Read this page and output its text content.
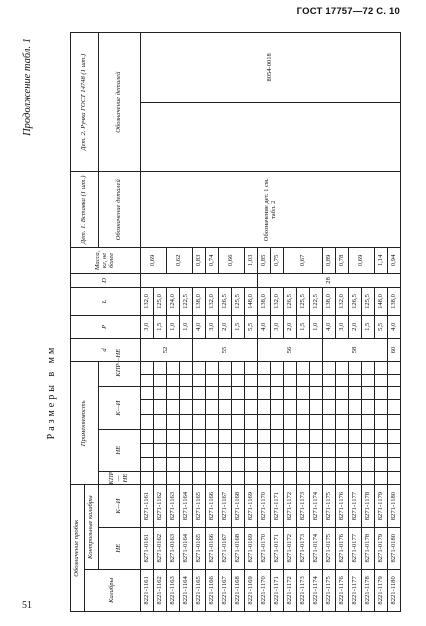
ГОСТ 17757—72 С. 10
Продолжение табл. 1
Размеры в мм
Обозначение пробок			Применяемость									d	P	L	D	Масса, кг, не более	Дет. 1. Вставка (1 шт.)	Дет. 2. Ручка ГОСТ 14748 (1 шт.)	
Калибры	Контрольные калибры																		
	НЕ	К—И	КПР—НЕ	НЕ			К—И			КПР—НЕ							Обозначение деталей	Обозначение деталей	
8221-1161	8271-0161	8271-1161										52	3,0	132,0		0,69	Обозначение дет. 1 см. табл. 2		8054-0018
8221-1162	8271-0162	8271-1162											1,5	125,0					
8221-1163	8271-0163	8271-1163											1,0	124,0		0,62			
8221-1164	8271-0164	8271-1164											1,0	122,5					
8221-1165	8271-0165	8271-1165										55	4,0	138,0		0,83			
8221-1166	8271-0166	8271-1166											3,0	132,0		0,74			
8221-1167	8271-0167	8271-1167											2,0	126,5		0,66			
8221-1168	8271-0168	8271-1168											1,5	125,5					
8221-1169	8271-0169	8271-1169											5,5	148,0		1,03			
8221-1170	8271-0170	8271-1170										56	4,0	138,0	28	0,85			
8221-1171	8271-0171	8271-1171											3,0	132,0		0,75			
8221-1172	8271-0172	8271-1172											2,0	126,5		0,67			
8221-1173	8271-0173	8271-1173											1,5	125,5					
8221-1174	8271-0174	8271-1174											1,0	122,5					
8221-1175	8271-0175	8271-1175										58	4,0	138,0		0,89			
8221-1176	8271-0176	8271-1176											3,0	132,0		0,78			
8221-1177	8271-0177	8271-1177											2,0	126,5		0,69			
8221-1178	8271-0178	8271-1178											1,5	125,5					
8221-1179	8271-0179	8271-1179											5,5	148,0		1,14			
8221-1180	8271-0180	8271-1180										60	4,0	138,0		0,94			
51
